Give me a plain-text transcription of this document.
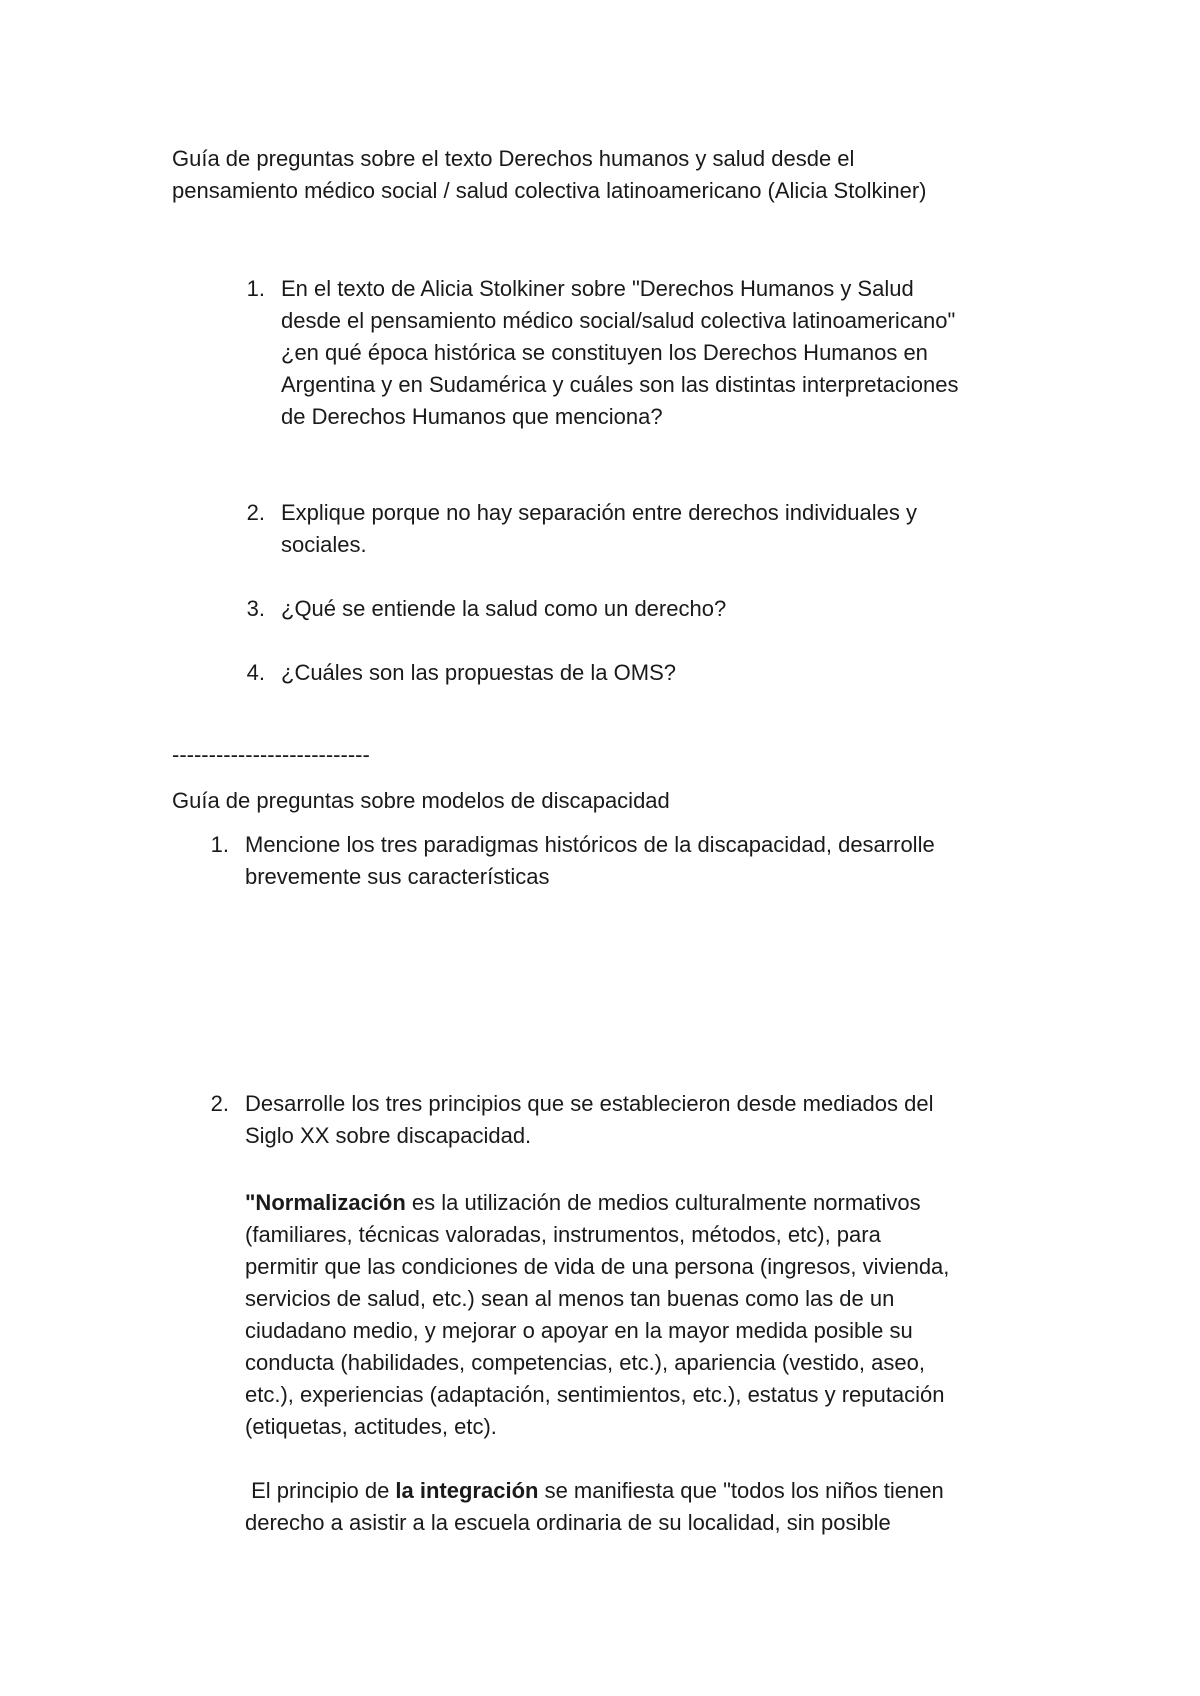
Guía de preguntas sobre el texto Derechos humanos y salud desde el
pensamiento médico social / salud colectiva latinoamericano (Alicia Stolkiner)

1. En el texto de Alicia Stolkiner sobre "Derechos Humanos y Salud
desde el pensamiento médico social/salud colectiva latinoamericano"
¿en qué época histórica se constituyen los Derechos Humanos en
Argentina y en Sudamérica y cuáles son las distintas interpretaciones
de Derechos Humanos que menciona?
2. Explique porque no hay separación entre derechos individuales y
sociales.
3. ¿Qué se entiende la salud como un derecho?
4. ¿Cuáles son las propuestas de la OMS?

---------------------------

Guía de preguntas sobre modelos de discapacidad

1. Mencione los tres paradigmas históricos de la discapacidad, desarrolle
brevemente sus características
2. Desarrolle los tres principios que se establecieron desde mediados del
Siglo XX sobre discapacidad.
"Normalización es la utilización de medios culturalmente normativos
(familiares, técnicas valoradas, instrumentos, métodos, etc), para
permitir que las condiciones de vida de una persona (ingresos, vivienda,
servicios de salud, etc.) sean al menos tan buenas como las de un
ciudadano medio, y mejorar o apoyar en la mayor medida posible su
conducta (habilidades, competencias, etc.), apariencia (vestido, aseo,
etc.), experiencias (adaptación, sentimientos, etc.), estatus y reputación
(etiquetas, actitudes, etc).
El principio de la integración se manifiesta que "todos los niños tienen
derecho a asistir a la escuela ordinaria de su localidad, sin posible
